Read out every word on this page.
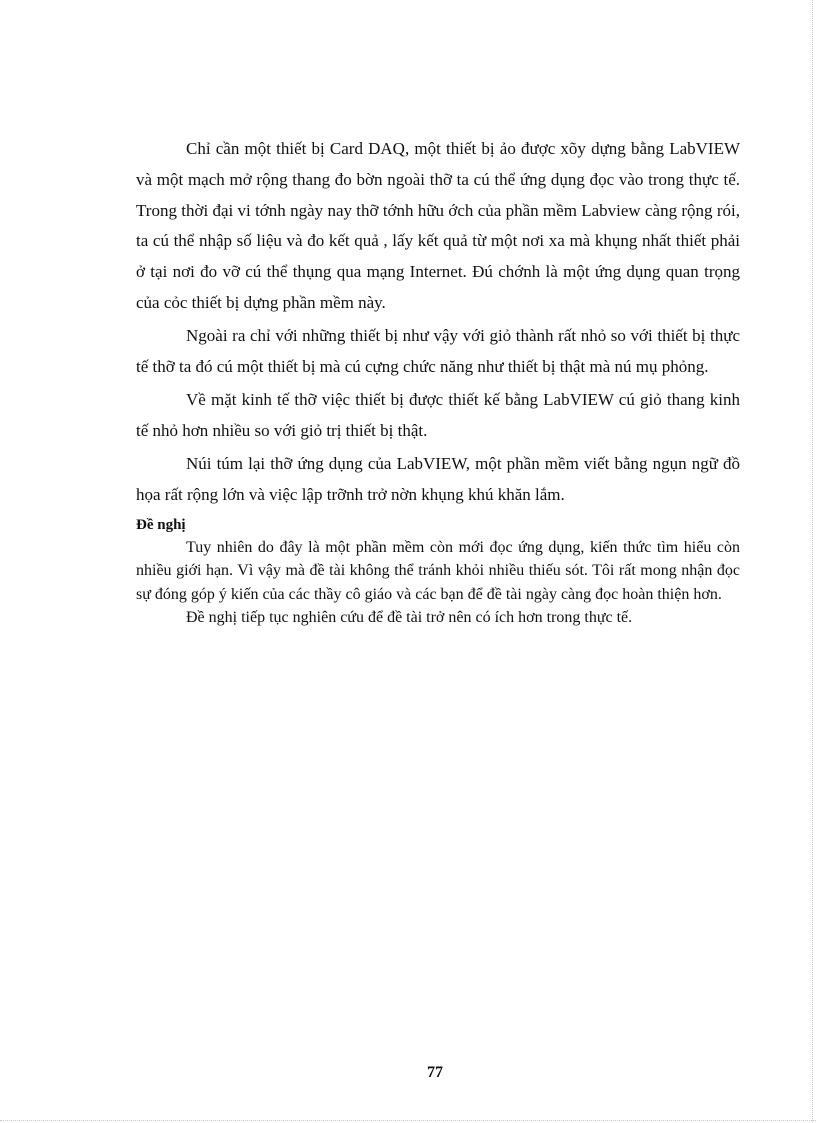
Chỉ cần một thiết bị Card DAQ, một thiết bị ảo được xõy dựng bằng LabVIEW và một mạch mở rộng thang đo bờn ngoài thỡ ta cú thể ứng dụng đọc vào trong thực tế. Trong thời đại vi tớnh ngày nay thỡ tớnh hữu ớch của phần mềm Labview càng rộng rói, ta cú thể nhập số liệu và đo kết quả , lấy kết quả từ một nơi xa mà khụng nhất thiết phải ở tại nơi đo vỡ cú thể thụng qua mạng Internet. Đú chớnh là một ứng dụng quan trọng của cỏc thiết bị dựng phần mềm này.

Ngoài ra chỉ với những thiết bị như vậy với giỏ thành rất nhỏ so với thiết bị thực tế thỡ ta đó cú một thiết bị mà cú cựng chức năng như thiết bị thật mà nú mụ phỏng.

Về mặt kinh tế thỡ việc thiết bị được thiết kế bằng LabVIEW cú giỏ thang kinh tế nhỏ hơn nhiều so với giỏ trị thiết bị thật.

Núi túm lại thỡ ứng dụng của LabVIEW, một phần mềm viết bằng ngụn ngữ đồ họa rất rộng lớn và việc lập trỡnh trở nờn khụng khú khăn lắm.

Đề nghị

Tuy nhiên do đây là một phần mềm còn mới đọc ứng dụng, kiến thức tìm hiểu còn nhiều giới hạn. Vì vậy mà đề tài không thể tránh khỏi nhiều thiếu sót. Tôi rất mong nhận đọc sự đóng góp ý kiến của các thầy cô giáo và các bạn để đề tài ngày càng đọc hoàn thiện hơn.

Đề nghị tiếp tục nghiên cứu để đề tài trở nên có ích hơn trong thực tế.

77
